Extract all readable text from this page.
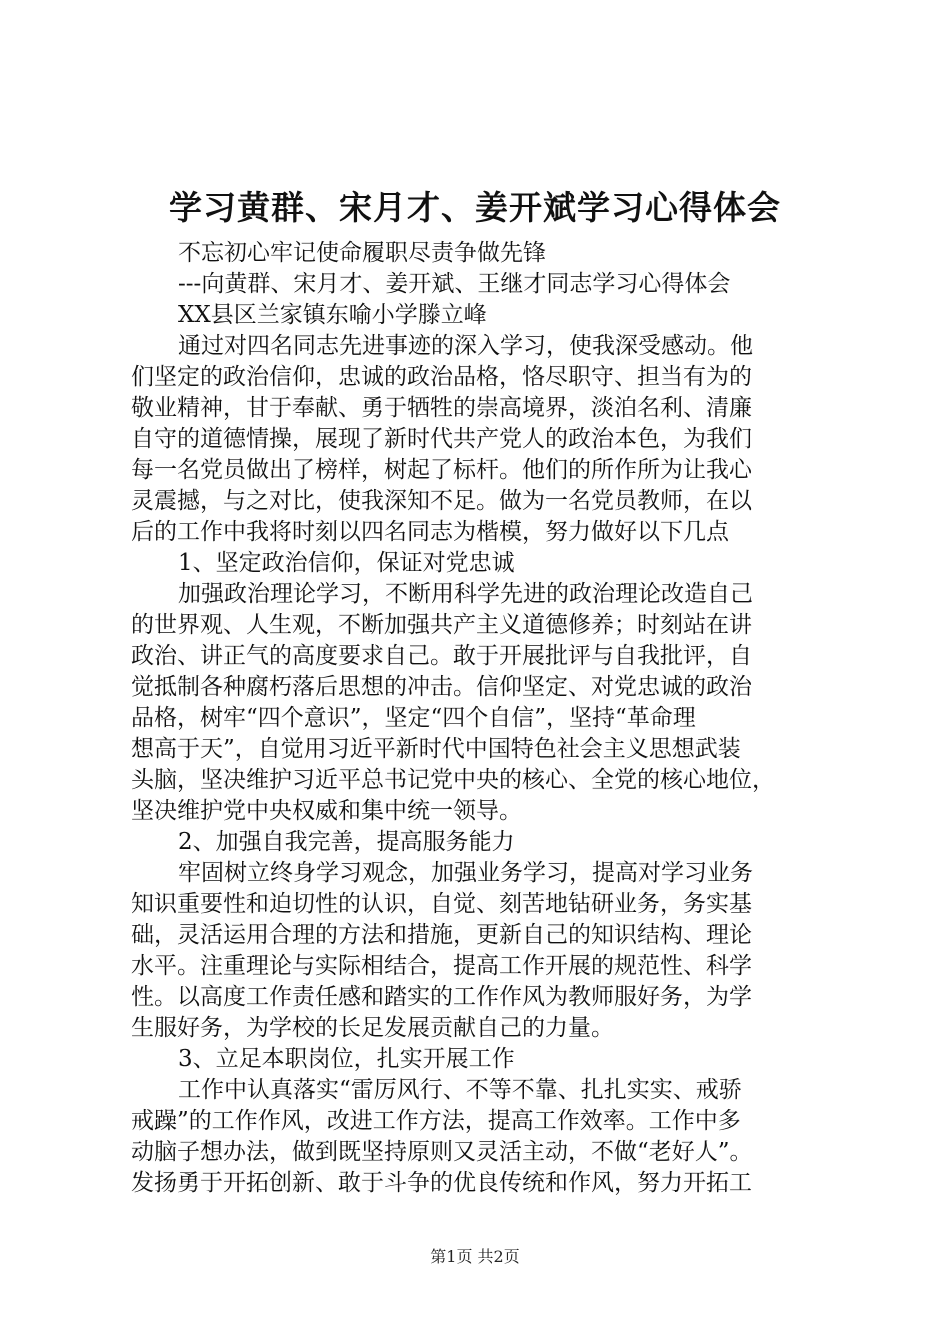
学习黄群、宋月才、姜开斌学习心得体会
不忘初心牢记使命履职尽责争做先锋
---向黄群、宋月才、姜开斌、王继才同志学习心得体会
XX县区兰家镇东喻小学滕立峰
通过对四名同志先进事迹的深入学习，使我深受感动。他
们坚定的政治信仰，忠诚的政治品格，恪尽职守、担当有为的
敬业精神，甘于奉献、勇于牺牲的崇高境界，淡泊名利、清廉
自守的道德情操，展现了新时代共产党人的政治本色，为我们
每一名党员做出了榜样，树起了标杆。他们的所作所为让我心
灵震撼，与之对比，使我深知不足。做为一名党员教师，在以
后的工作中我将时刻以四名同志为楷模，努力做好以下几点
1、坚定政治信仰，保证对党忠诚
加强政治理论学习，不断用科学先进的政治理论改造自己
的世界观、人生观，不断加强共产主义道德修养；时刻站在讲
政治、讲正气的高度要求自己。敢于开展批评与自我批评，自
觉抵制各种腐朽落后思想的冲击。信仰坚定、对党忠诚的政治
品格，树牢“四个意识”，坚定“四个自信”，坚持“革命理
想高于天”，自觉用习近平新时代中国特色社会主义思想武装
头脑，坚决维护习近平总书记党中央的核心、全党的核心地位，
坚决维护党中央权威和集中统一领导。
2、加强自我完善，提高服务能力
牢固树立终身学习观念，加强业务学习，提高对学习业务
知识重要性和迫切性的认识，自觉、刻苦地钻研业务，务实基
础，灵活运用合理的方法和措施，更新自己的知识结构、理论
水平。注重理论与实际相结合，提高工作开展的规范性、科学
性。以高度工作责任感和踏实的工作作风为教师服好务，为学
生服好务，为学校的长足发展贡献自己的力量。
3、立足本职岗位，扎实开展工作
工作中认真落实“雷厉风行、不等不靠、扎扎实实、戒骄
戒躁”的工作作风，改进工作方法，提高工作效率。工作中多
动脑子想办法，做到既坚持原则又灵活主动，不做“老好人”。
发扬勇于开拓创新、敢于斗争的优良传统和作风，努力开拓工
第1页 共2页
